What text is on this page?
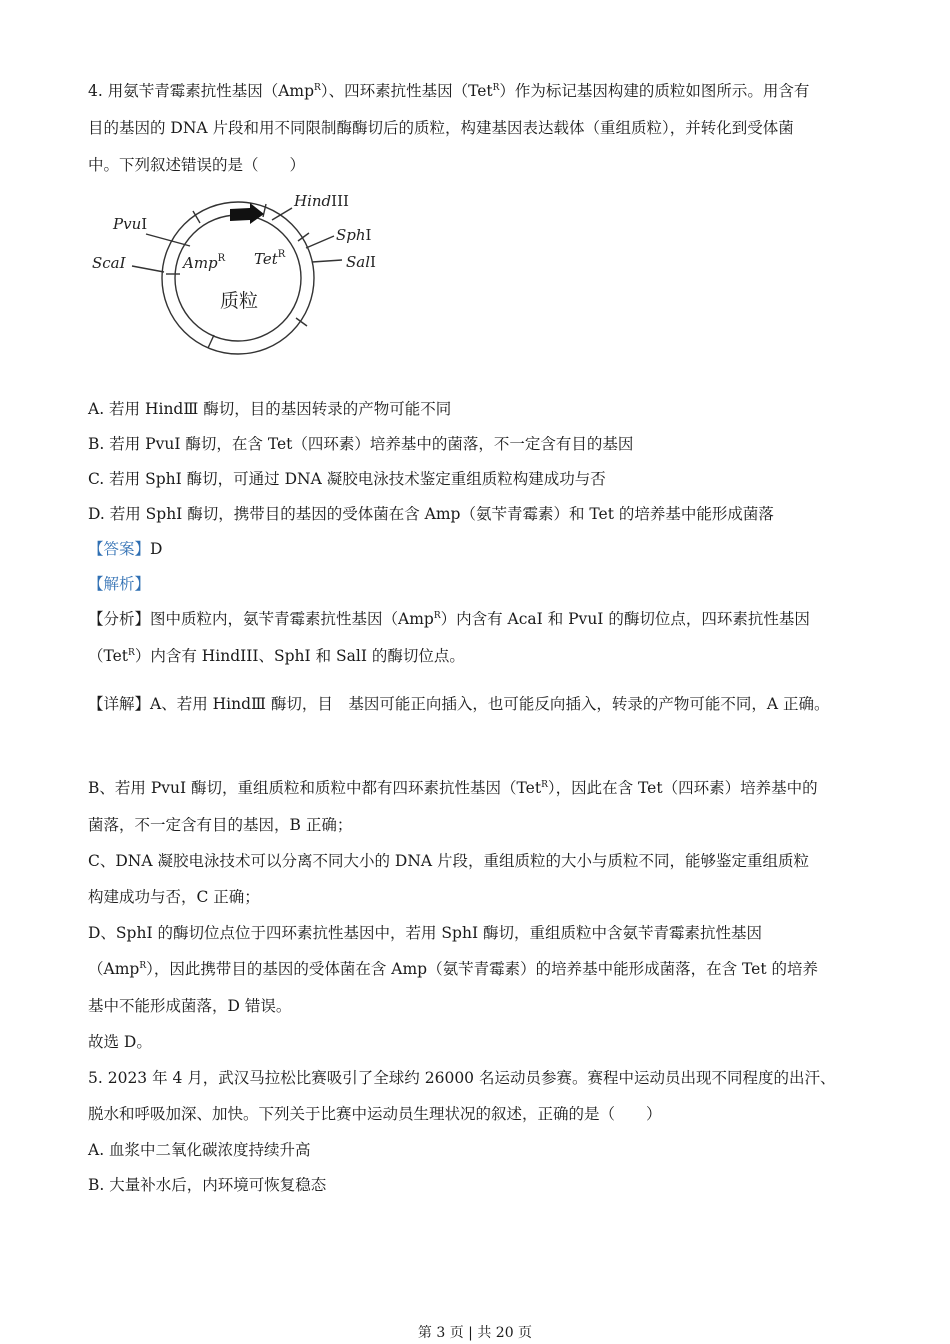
4. 用氨苄青霉素抗性基因（Amp$^R$）、四环素抗性基因（Tet$^R$）作为标记基因构建的质粒如图所示。用含有
目的基因的 DNA 片段和用不同限制酶酶切后的质粒，构建基因表达载体（重组质粒），并转化到受体菌
中。下列叙述错误的是（　　）
PvuI
ScaI
HindIII
SphI
SalI
Amp$^R$ Tet$^R$
质粒
A. 若用 HindⅢ 酶切，目的基因转录的产物可能不同
B. 若用 PvuⅠ 酶切，在含 Tet（四环素）培养基中的菌落，不一定含有目的基因
C. 若用 SphⅠ 酶切，可通过 DNA 凝胶电泳技术鉴定重组质粒构建成功与否
D. 若用 SphⅠ 酶切，携带目的基因的受体菌在含 Amp（氨苄青霉素）和 Tet 的培养基中能形成菌落
【答案】D
【解析】
【分析】图中质粒内，氨苄青霉素抗性基因（Amp$^R$）内含有 AcaI 和 PvuI 的酶切位点，四环素抗性基因
（Tet$^R$）内含有 HindIII、SphI 和 SalI 的酶切位点。
【详解】A、若用 HindⅢ 酶切，目　基因可能正向插入，也可能反向插入，转录的产物可能不同，A 正确。
B、若用 PvuⅠ 酶切，重组质粒和质粒中都有四环素抗性基因（Tet$^R$），因此在含 Tet（四环素）培养基中的
菌落，不一定含有目的基因，B 正确；
C、DNA 凝胶电泳技术可以分离不同大小的 DNA 片段，重组质粒的大小与质粒不同，能够鉴定重组质粒
构建成功与否，C 正确；
D、SphⅠ 的酶切位点位于四环素抗性基因中，若用 SphⅠ 酶切，重组质粒中含氨苄青霉素抗性基因
（Amp$^R$），因此携带目的基因的受体菌在含 Amp（氨苄青霉素）的培养基中能形成菌落，在含 Tet 的培养
基中不能形成菌落，D 错误。
故选 D。
5. 2023 年 4 月，武汉马拉松比赛吸引了全球约 26000 名运动员参赛。赛程中运动员出现不同程度的出汗、
脱水和呼吸加深、加快。下列关于比赛中运动员生理状况的叙述，正确的是（　　）
A. 血浆中二氧化碳浓度持续升高
B. 大量补水后，内环境可恢复稳态
第 3 页 | 共 20 页
